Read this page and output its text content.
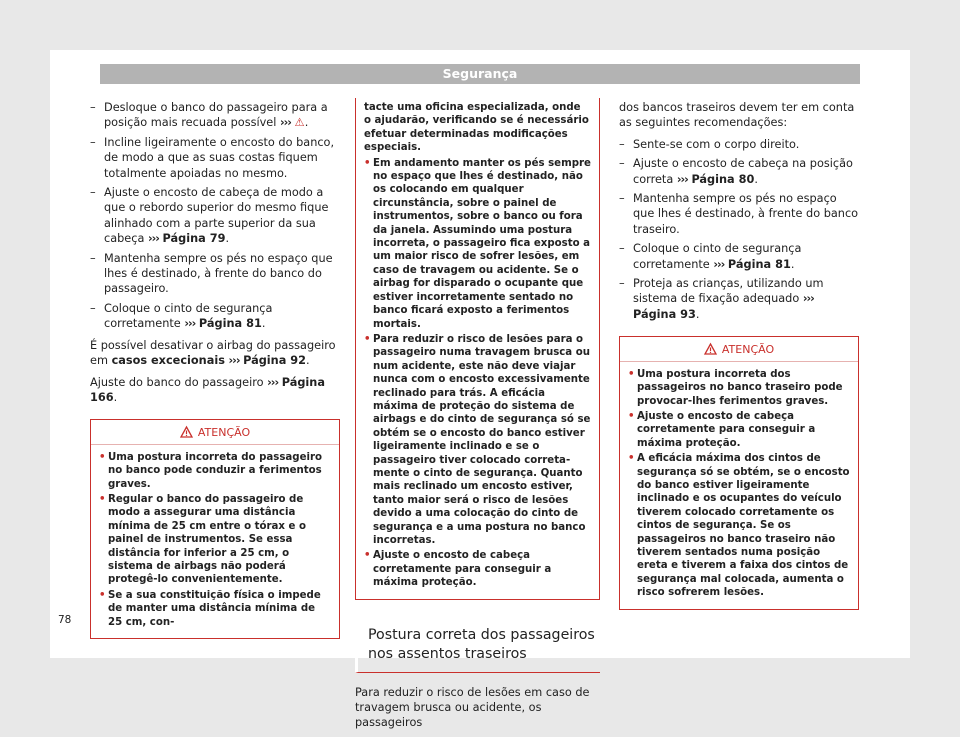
Segurança
– Desloque o banco do passageiro para a posição mais recuada possível ››› ⚠.
– Incline ligeiramente o encosto do banco, de modo a que as suas costas fiquem totalmente apoiadas no mesmo.
– Ajuste o encosto de cabeça de modo a que o rebordo superior do mesmo fique alinhado com a parte superior da sua cabeça ››› Página 79.
– Mantenha sempre os pés no espaço que lhes é destinado, à frente do banco do passageiro.
– Coloque o cinto de segurança corretamente ››› Página 81.

É possível desativar o airbag do passageiro em casos excecionais ››› Página 92.

Ajuste do banco do passageiro ››› Página 166.

ATENÇÃO
• Uma postura incorreta do passageiro no banco pode conduzir a ferimentos graves.
• Regular o banco do passageiro de modo a assegurar uma distância mínima de 25 cm entre o tórax e o painel de instrumentos. Se essa distância for inferior a 25 cm, o sistema de airbags não poderá protegê-lo convenientemente.
• Se a sua constituição física o impede de manter uma distância mínima de 25 cm, con-
tacte uma oficina especializada, onde o ajudarão, verificando se é necessário efetuar determinadas modificações especiais.
• Em andamento manter os pés sempre no espaço que lhes é destinado, não os colocando em qualquer circunstância, sobre o painel de instrumentos, sobre o banco ou fora da janela. Assumindo uma postura incorreta, o passageiro fica exposto a um maior risco de sofrer lesões, em caso de travagem ou acidente. Se o airbag for disparado o ocupante que estiver incorretamente sentado no banco ficará exposto a ferimentos mortais.
• Para reduzir o risco de lesões para o passageiro numa travagem brusca ou num acidente, este não deve viajar nunca com o encosto excessivamente reclinado para trás. A eficácia máxima de proteção do sistema de airbags e do cinto de segurança só se obtém se o encosto do banco estiver ligeiramente inclinado e se o passageiro tiver colocado corretamente o cinto de segurança. Quanto mais reclinado um encosto estiver, tanto maior será o risco de lesões devido a uma colocação do cinto de segurança e a uma postura no banco incorretas.
• Ajuste o encosto de cabeça corretamente para conseguir a máxima proteção.
Postura correta dos passageiros nos assentos traseiros

Para reduzir o risco de lesões em caso de travagem brusca ou acidente, os passageiros

dos bancos traseiros devem ter em conta as seguintes recomendações:

– Sente-se com o corpo direito.
– Ajuste o encosto de cabeça na posição correta ››› Página 80.
– Mantenha sempre os pés no espaço que lhes é destinado, à frente do banco traseiro.
– Coloque o cinto de segurança corretamente ››› Página 81.
– Proteja as crianças, utilizando um sistema de fixação adequado ››› Página 93.
ATENÇÃO
• Uma postura incorreta dos passageiros no banco traseiro pode provocar-lhes ferimentos graves.
• Ajuste o encosto de cabeça corretamente para conseguir a máxima proteção.
• A eficácia máxima dos cintos de segurança só se obtém, se o encosto do banco estiver ligeiramente inclinado e os ocupantes do veículo tiverem colocado corretamente os cintos de segurança. Se os passageiros no banco traseiro não tiverem sentados numa posição ereta e tiverem a faixa dos cintos de segurança mal colocada, aumenta o risco sofrerem lesões.
78
